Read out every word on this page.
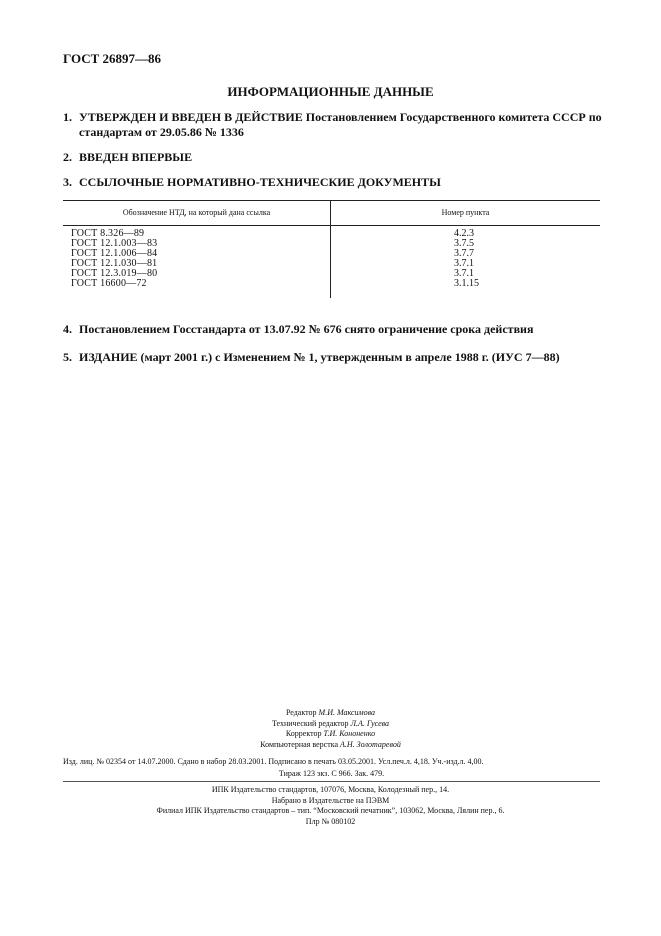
ГОСТ 26897—86
ИНФОРМАЦИОННЫЕ ДАННЫЕ
1. УТВЕРЖДЕН И ВВЕДЕН В ДЕЙСТВИЕ Постановлением Государственного комитета СССР по
стандартам от 29.05.86 № 1336
2. ВВЕДЕН ВПЕРВЫЕ
3. ССЫЛОЧНЫЕ НОРМАТИВНО-ТЕХНИЧЕСКИЕ ДОКУМЕНТЫ
Обозначение НТД, на который дана ссылка	Номер пункта
ГОСТ 8.326—89	4.2.3
ГОСТ 12.1.003—83	3.7.5
ГОСТ 12.1.006—84	3.7.7
ГОСТ 12.1.030—81	3.7.1
ГОСТ 12.3.019—80	3.7.1
ГОСТ 16600—72	3.1.15
4. Постановлением Госстандарта от 13.07.92 № 676 снято ограничение срока действия
5. ИЗДАНИЕ (март 2001 г.) с Изменением № 1, утвержденным в апреле 1988 г. (ИУС 7—88)
Редактор М.И. Максимова
Технический редактор Л.А. Гусева
Корректор Т.И. Кононенко
Компьютерная верстка А.Н. Золотаревой
Изд. лиц. № 02354 от 14.07.2000. Сдано в набор 28.03.2001. Подписано в печать 03.05.2001. Усл.печ.л. 4,18. Уч.-изд.л. 4,00.
Тираж 123 экз. С 966. Зак. 479.
ИПК Издательство стандартов, 107076, Москва, Колодезный пер., 14.
Набрано в Издательстве на ПЭВМ
Филиал ИПК Издательство стандартов – тип. “Московский печатник”, 103062, Москва, Лялин пер., 6.
Плр № 080102
